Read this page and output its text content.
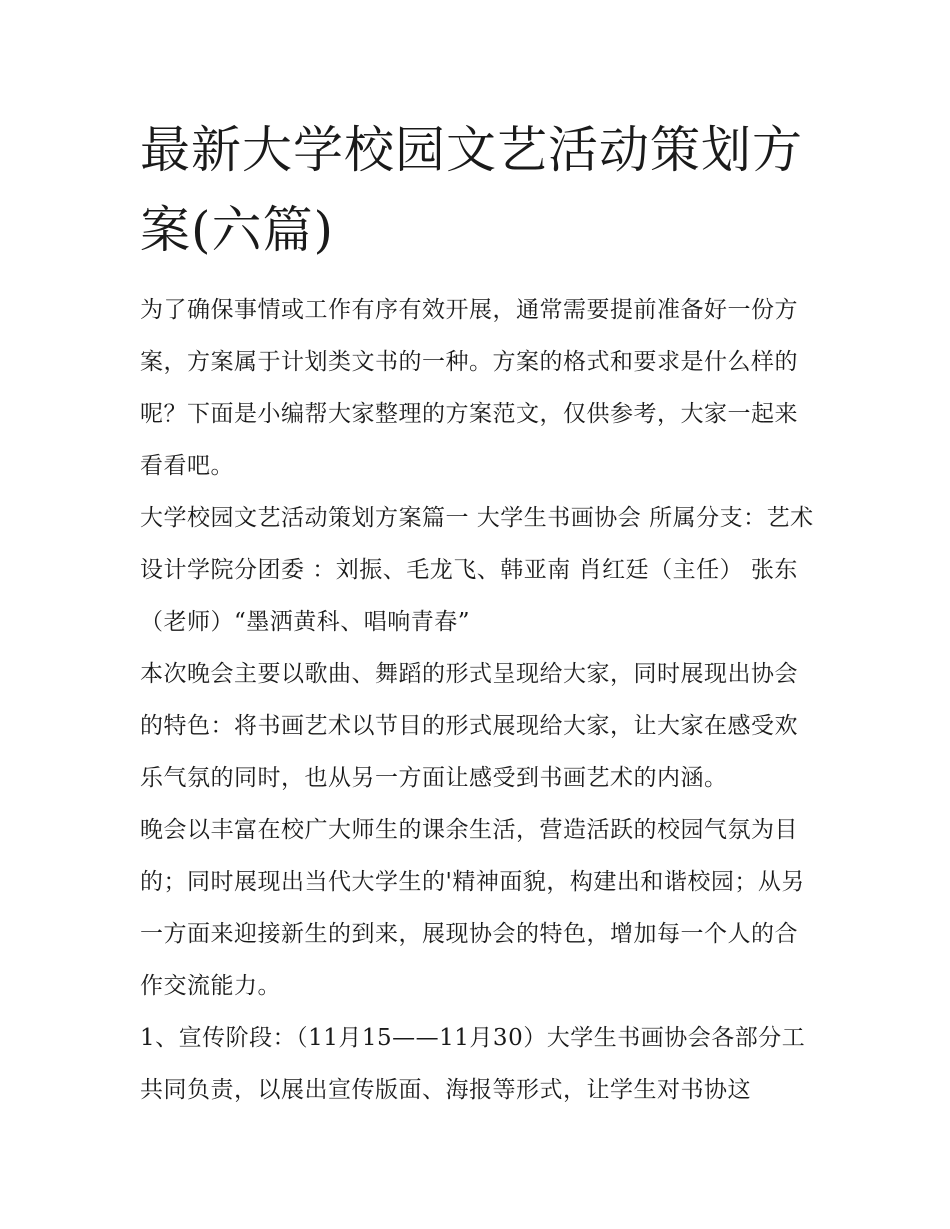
最新大学校园文艺活动策划方案(六篇)

为了确保事情或工作有序有效开展，通常需要提前准备好一份方案，方案属于计划类文书的一种。方案的格式和要求是什么样的呢？下面是小编帮大家整理的方案范文，仅供参考，大家一起来看看吧。

大学校园文艺活动策划方案篇一 大学生书画协会 所属分支：艺术设计学院分团委 ：刘振、毛龙飞、韩亚南 肖红廷（主任） 张东（老师）“墨洒黄科、唱响青春”

本次晚会主要以歌曲、舞蹈的形式呈现给大家，同时展现出协会的特色：将书画艺术以节目的形式展现给大家，让大家在感受欢乐气氛的同时，也从另一方面让感受到书画艺术的内涵。

晚会以丰富在校广大师生的课余生活，营造活跃的校园气氛为目的；同时展现出当代大学生的'精神面貌，构建出和谐校园；从另一方面来迎接新生的到来，展现协会的特色，增加每一个人的合作交流能力。

1、宣传阶段：（11月15——11月30）大学生书画协会各部分工共同负责，以展出宣传版面、海报等形式，让学生对书协这
